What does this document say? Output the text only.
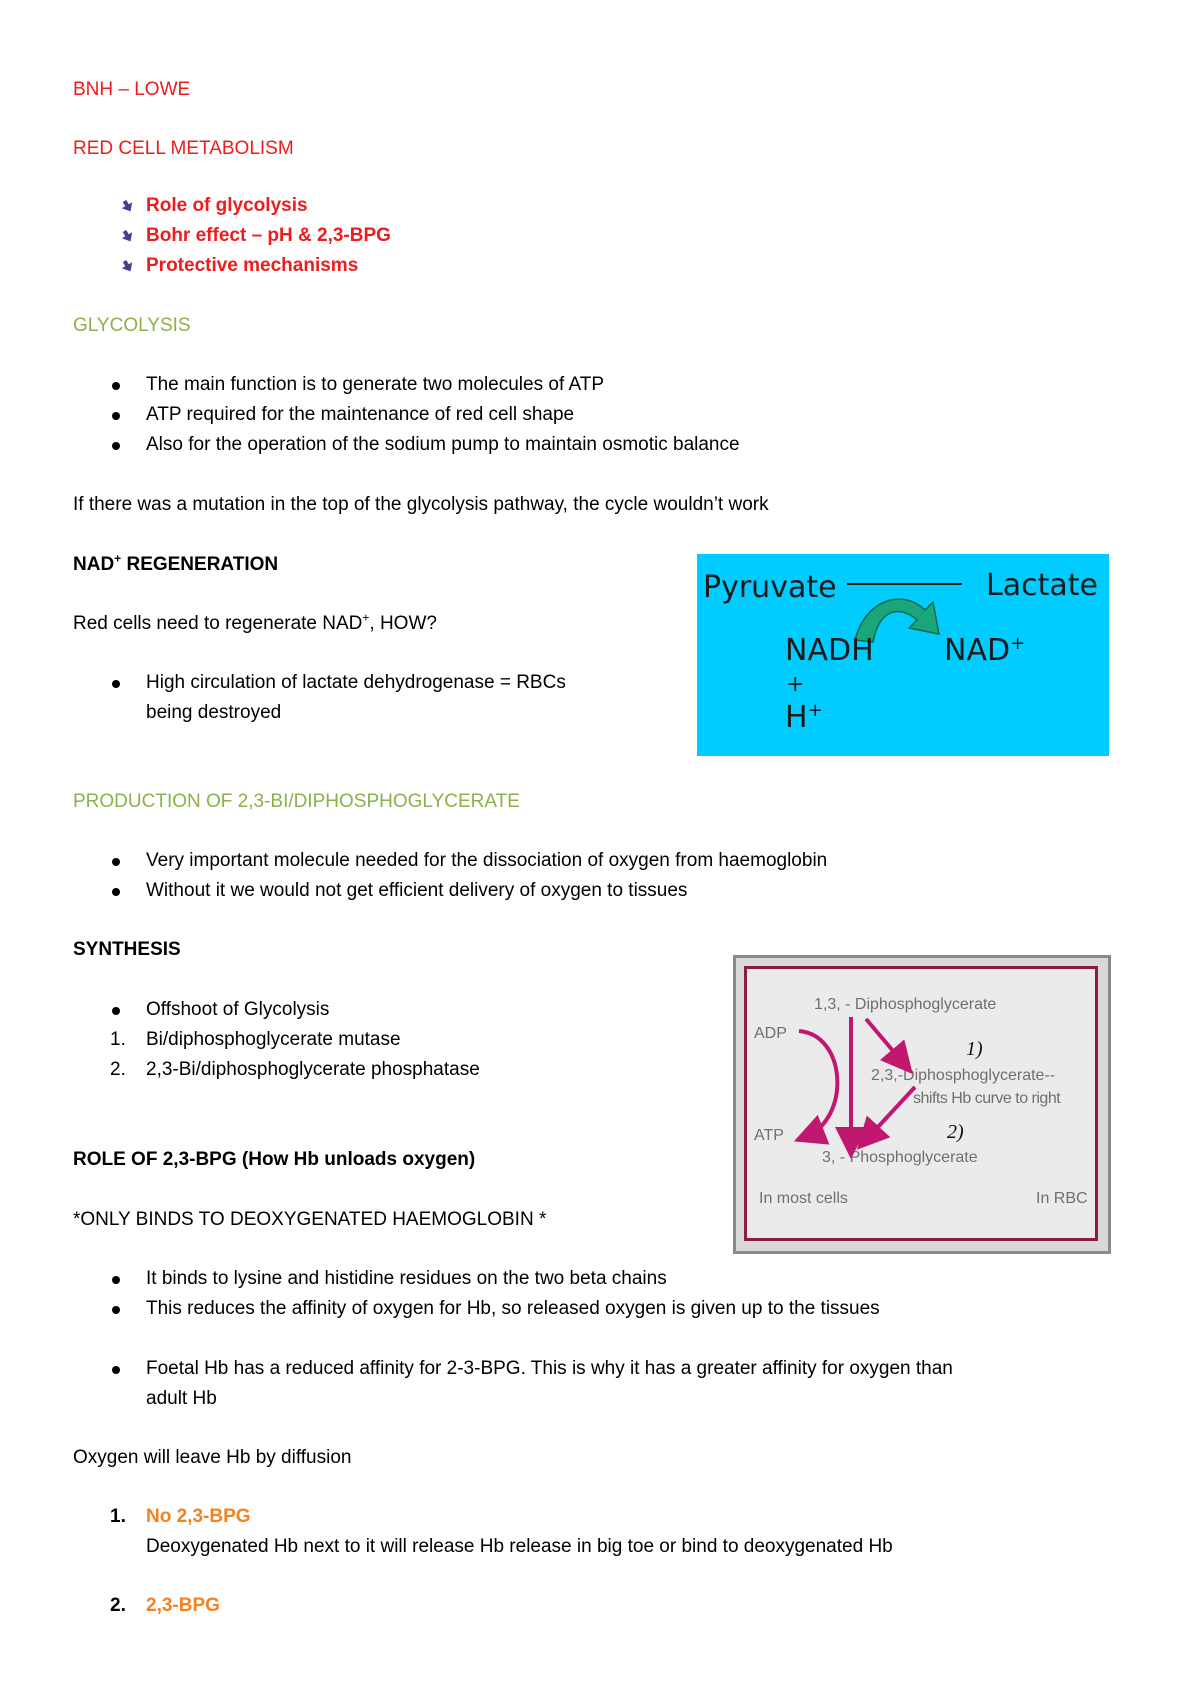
BNH – LOWE
RED CELL METABOLISM
Role of glycolysis
Bohr effect – pH & 2,3-BPG
Protective mechanisms
GLYCOLYSIS
The main function is to generate two molecules of ATP
ATP required for the maintenance of red cell shape
Also for the operation of the sodium pump to maintain osmotic balance
If there was a mutation in the top of the glycolysis pathway, the cycle wouldn’t work
NAD+ REGENERATION
Red cells need to regenerate NAD+, HOW?
High circulation of lactate dehydrogenase = RBCs
being destroyed
Pyruvate	Lactate
NADH NAD+
+
H+
PRODUCTION OF 2,3-BI/DIPHOSPHOGLYCERATE
Very important molecule needed for the dissociation of oxygen from haemoglobin
Without it we would not get efficient delivery of oxygen to tissues
SYNTHESIS
Offshoot of Glycolysis
1. Bi/diphosphoglycerate mutase
2. 2,3-Bi/diphosphoglycerate phosphatase
1,3, - Diphosphoglycerate
ADP
2,3,-Diphosphoglycerate--
shifts Hb curve to right
ATP
3, - Phosphoglycerate
In most cells	In RBC
1)
2)
ROLE OF 2,3-BPG (How Hb unloads oxygen)
*ONLY BINDS TO DEOXYGENATED HAEMOGLOBIN *
It binds to lysine and histidine residues on the two beta chains
This reduces the affinity of oxygen for Hb, so released oxygen is given up to the tissues
Foetal Hb has a reduced affinity for 2-3-BPG. This is why it has a greater affinity for oxygen than
adult Hb
Oxygen will leave Hb by diffusion
1. No 2,3-BPG
Deoxygenated Hb next to it will release Hb release in big toe or bind to deoxygenated Hb
2. 2,3-BPG
